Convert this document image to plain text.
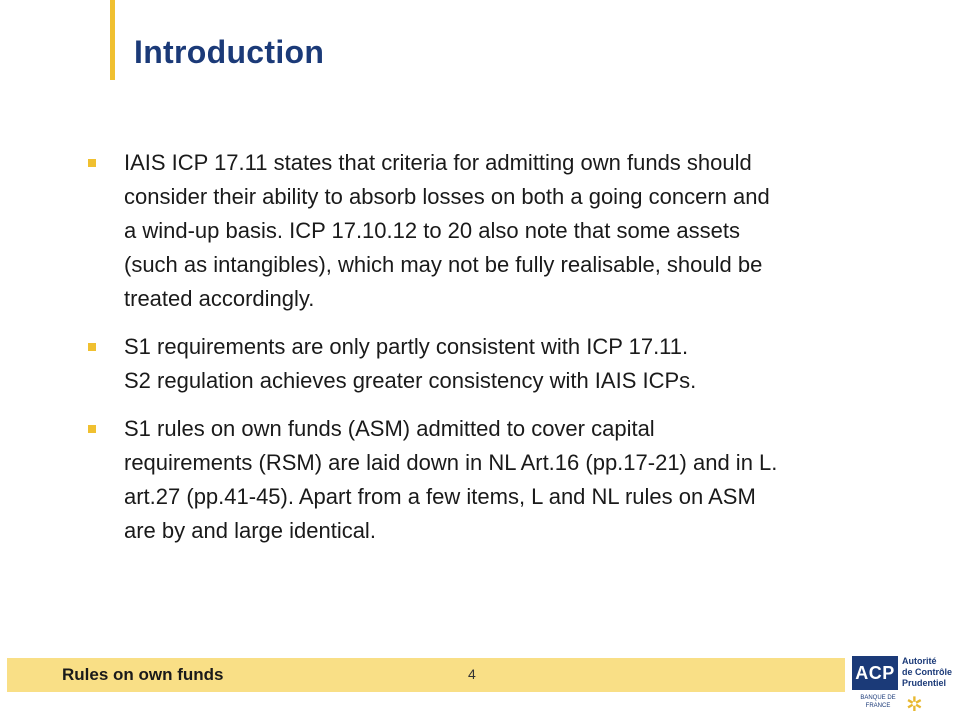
Introduction
IAIS ICP 17.11 states that criteria for admitting own funds should
consider their ability to absorb losses on both a going concern and
a wind-up basis. ICP 17.10.12 to 20 also note that some assets
(such as intangibles), which may not be fully realisable, should be
treated accordingly.
S1 requirements are only partly consistent with ICP 17.11.
S2 regulation achieves greater consistency with IAIS ICPs.
S1 rules on own funds (ASM) admitted to cover capital
requirements (RSM) are laid down in NL Art.16 (pp.17-21) and in L.
art.27 (pp.41-45). Apart from a few items, L and NL rules on ASM
are by and large identical.
Rules on own funds	4	ACP
Autorité
de Contrôle
Prudentiel
BANQUE DE FRANCE ✲
